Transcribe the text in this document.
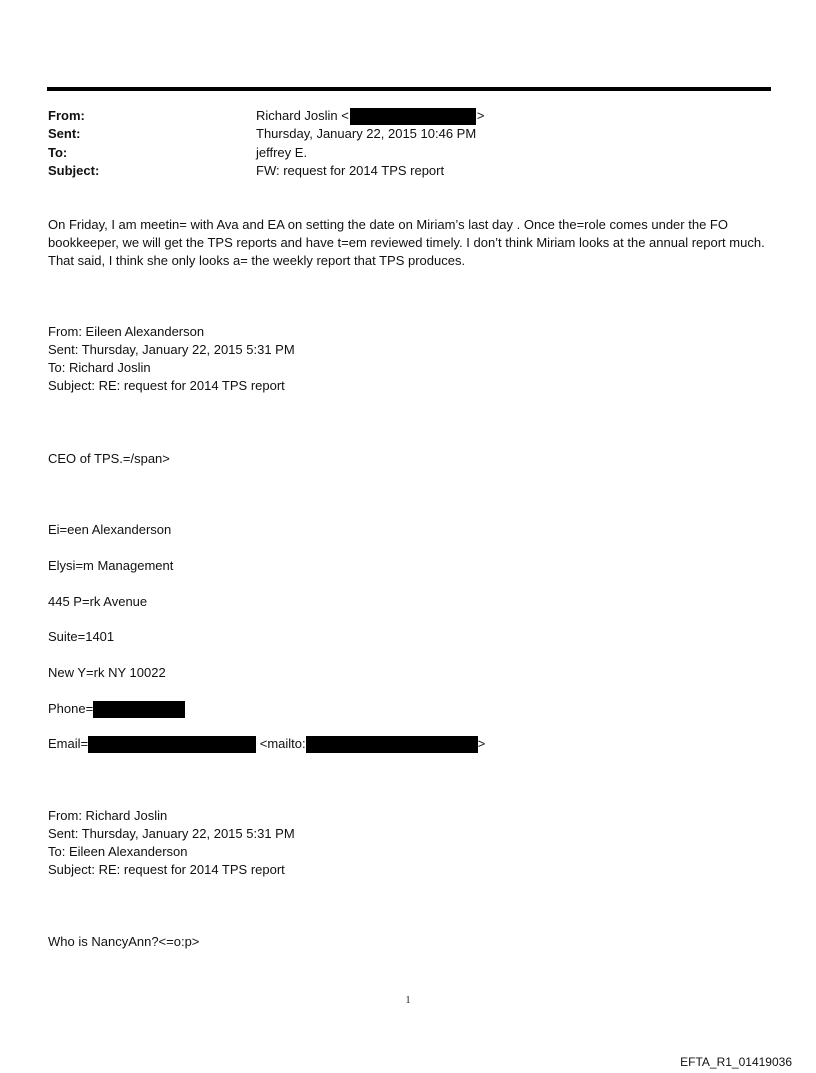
From:	Richard Joslin <	>
Sent:	Thursday, January 22, 2015 10:46 PM
To:	jeffrey E.
Subject:	FW: request for 2014 TPS report
On Friday, I am meetin= with Ava and EA on setting the date on Miriam’s last day . Once the=role comes under the FO bookkeeper, we will get the TPS reports and have t=em reviewed timely. I don’t think Miriam looks at the annual report much. That said, I think she only looks a= the weekly report that TPS produces.
From: Eileen Alexanderson
Sent: Thursday, January 22, 2015 5:31 PM
To: Richard Joslin
Subject: RE: request for 2014 TPS report
CEO of TPS.=/span>
Ei=een Alexanderson
Elysi=m Management
445 P=rk Avenue
Suite=1401
New Y=rk NY 10022
Phone=
Email=	<mailto:	>
From: Richard Joslin
Sent: Thursday, January 22, 2015 5:31 PM
To: Eileen Alexanderson
Subject: RE: request for 2014 TPS report
Who is NancyAnn?<=o:p>
1
EFTA_R1_01419036
